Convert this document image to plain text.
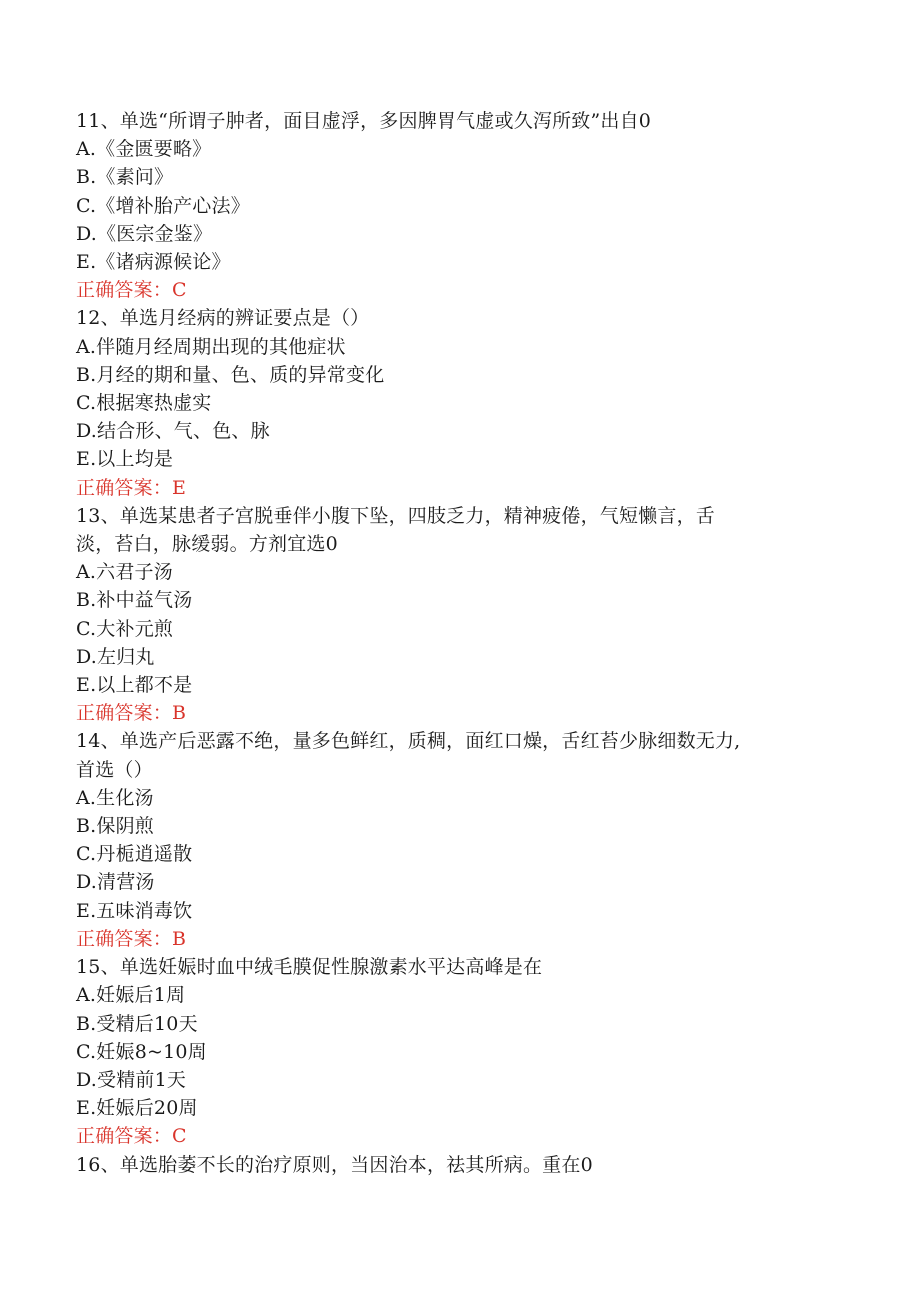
11、单选“所谓子肿者，面目虚浮，多因脾胃气虚或久泻所致”出自0
A.《金匮要略》
B.《素问》
C.《增补胎产心法》
D.《医宗金鉴》
E.《诸病源候论》
正确答案：C
12、单选月经病的辨证要点是（）
A.伴随月经周期出现的其他症状
B.月经的期和量、色、质的异常变化
C.根据寒热虚实
D.结合形、气、色、脉
E.以上均是
正确答案：E
13、单选某患者子宫脱垂伴小腹下坠，四肢乏力，精神疲倦，气短懒言，舌
淡，苔白，脉缓弱。方剂宜选0
A.六君子汤
B.补中益气汤
C.大补元煎
D.左归丸
E.以上都不是
正确答案：B
14、单选产后恶露不绝，量多色鲜红，质稠，面红口燥，舌红苔少脉细数无力,
首选（）
A.生化汤
B.保阴煎
C.丹栀逍遥散
D.清营汤
E.五味消毒饮
正确答案：B
15、单选妊娠时血中绒毛膜促性腺激素水平达高峰是在
A.妊娠后1周
B.受精后10天
C.妊娠8~10周
D.受精前1天
E.妊娠后20周
正确答案：C
16、单选胎萎不长的治疗原则，当因治本，祛其所病。重在0
